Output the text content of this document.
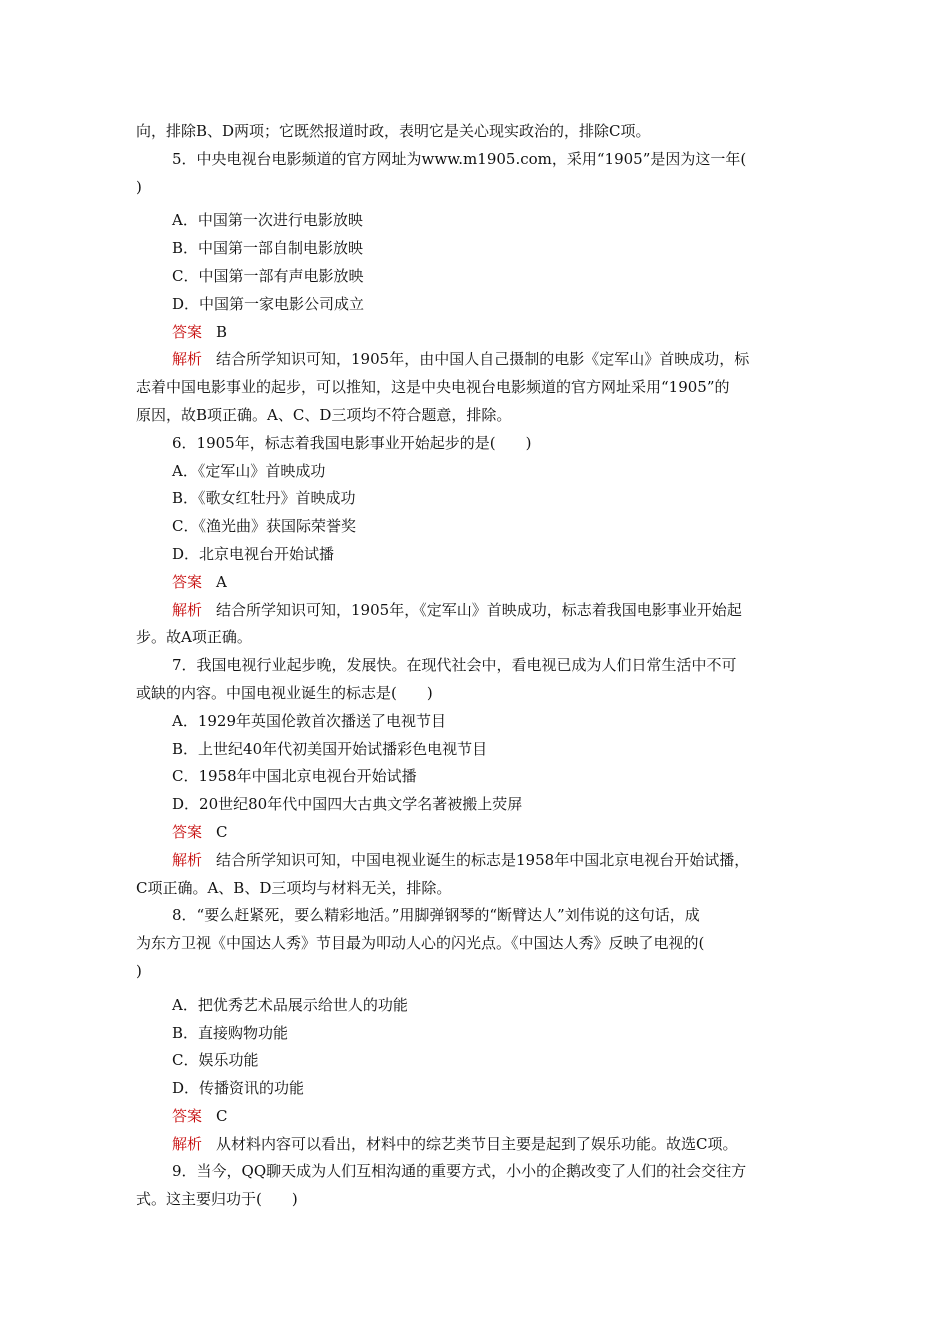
向，排除B、D两项；它既然报道时政，表明它是关心现实政治的，排除C项。

5．中央电视台电影频道的官方网址为www.m1905.com，采用“1905”是因为这一年(

)

A．中国第一次进行电影放映

B．中国第一部自制电影放映

C．中国第一部有声电影放映

D．中国第一家电影公司成立

答案 B

解析 结合所学知识可知，1905年，由中国人自己摄制的电影《定军山》首映成功，标

志着中国电影事业的起步，可以推知，这是中央电视台电影频道的官方网址采用“1905”的

原因，故B项正确。A、C、D三项均不符合题意，排除。

6．1905年，标志着我国电影事业开始起步的是(　　)

A．《定军山》首映成功

B．《歌女红牡丹》首映成功

C．《渔光曲》获国际荣誉奖

D．北京电视台开始试播

答案 A

解析 结合所学知识可知，1905年，《定军山》首映成功，标志着我国电影事业开始起

步。故A项正确。

7．我国电视行业起步晚，发展快。在现代社会中，看电视已成为人们日常生活中不可

或缺的内容。中国电视业诞生的标志是(　　)

A．1929年英国伦敦首次播送了电视节目

B．上世纪40年代初美国开始试播彩色电视节目

C．1958年中国北京电视台开始试播

D．20世纪80年代中国四大古典文学名著被搬上荧屏

答案 C

解析 结合所学知识可知，中国电视业诞生的标志是1958年中国北京电视台开始试播，

C项正确。A、B、D三项均与材料无关，排除。

8．“要么赶紧死，要么精彩地活。”用脚弹钢琴的“断臂达人”刘伟说的这句话，成

为东方卫视《中国达人秀》节目最为叩动人心的闪光点。《中国达人秀》反映了电视的(

)

A．把优秀艺术品展示给世人的功能

B．直接购物功能

C．娱乐功能

D．传播资讯的功能

答案 C

解析 从材料内容可以看出，材料中的综艺类节目主要是起到了娱乐功能。故选C项。

9．当今，QQ聊天成为人们互相沟通的重要方式，小小的企鹅改变了人们的社会交往方

式。这主要归功于(　　)
